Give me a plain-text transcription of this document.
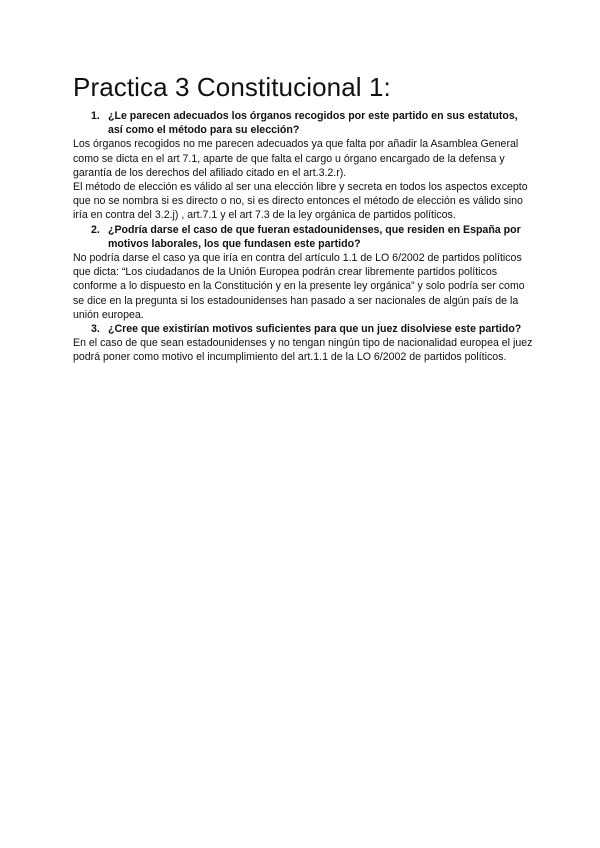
Practica 3 Constitucional 1:
1. ¿Le parecen adecuados los órganos recogidos por este partido en sus estatutos, así como el método para su elección?

Los órganos recogidos no me parecen adecuados ya que falta por añadir la Asamblea General como se dicta en el art 7.1, aparte de que falta el cargo u órgano encargado de la defensa y garantía de los derechos del afiliado citado en el art.3.2.r).

El método de elección es válido al ser una elección libre y secreta en todos los aspectos excepto que no se nombra si es directo o no, si es directo entonces el método de elección es válido sino iría en contra del 3.2.j) , art.7.1 y el art 7.3 de la ley orgánica de partidos políticos.

2. ¿Podría darse el caso de que fueran estadounidenses, que residen en España por motivos laborales, los que fundasen este partido?

No podría darse el caso ya que iría en contra del artículo 1.1 de LO 6/2002 de partidos políticos que dicta: “Los ciudadanos de la Unión Europea podrán crear libremente partidos políticos conforme a lo dispuesto en la Constitución y en la presente ley orgánica” y solo podría ser como se dice en la pregunta si los estadounidenses han pasado a ser nacionales de algún país de la unión europea.

3. ¿Cree que existirían motivos suficientes para que un juez disolviese este partido?

En el caso de que sean estadounidenses y no tengan ningún tipo de nacionalidad europea el juez podrá poner como motivo el incumplimiento del art.1.1 de la LO 6/2002 de partidos políticos.
